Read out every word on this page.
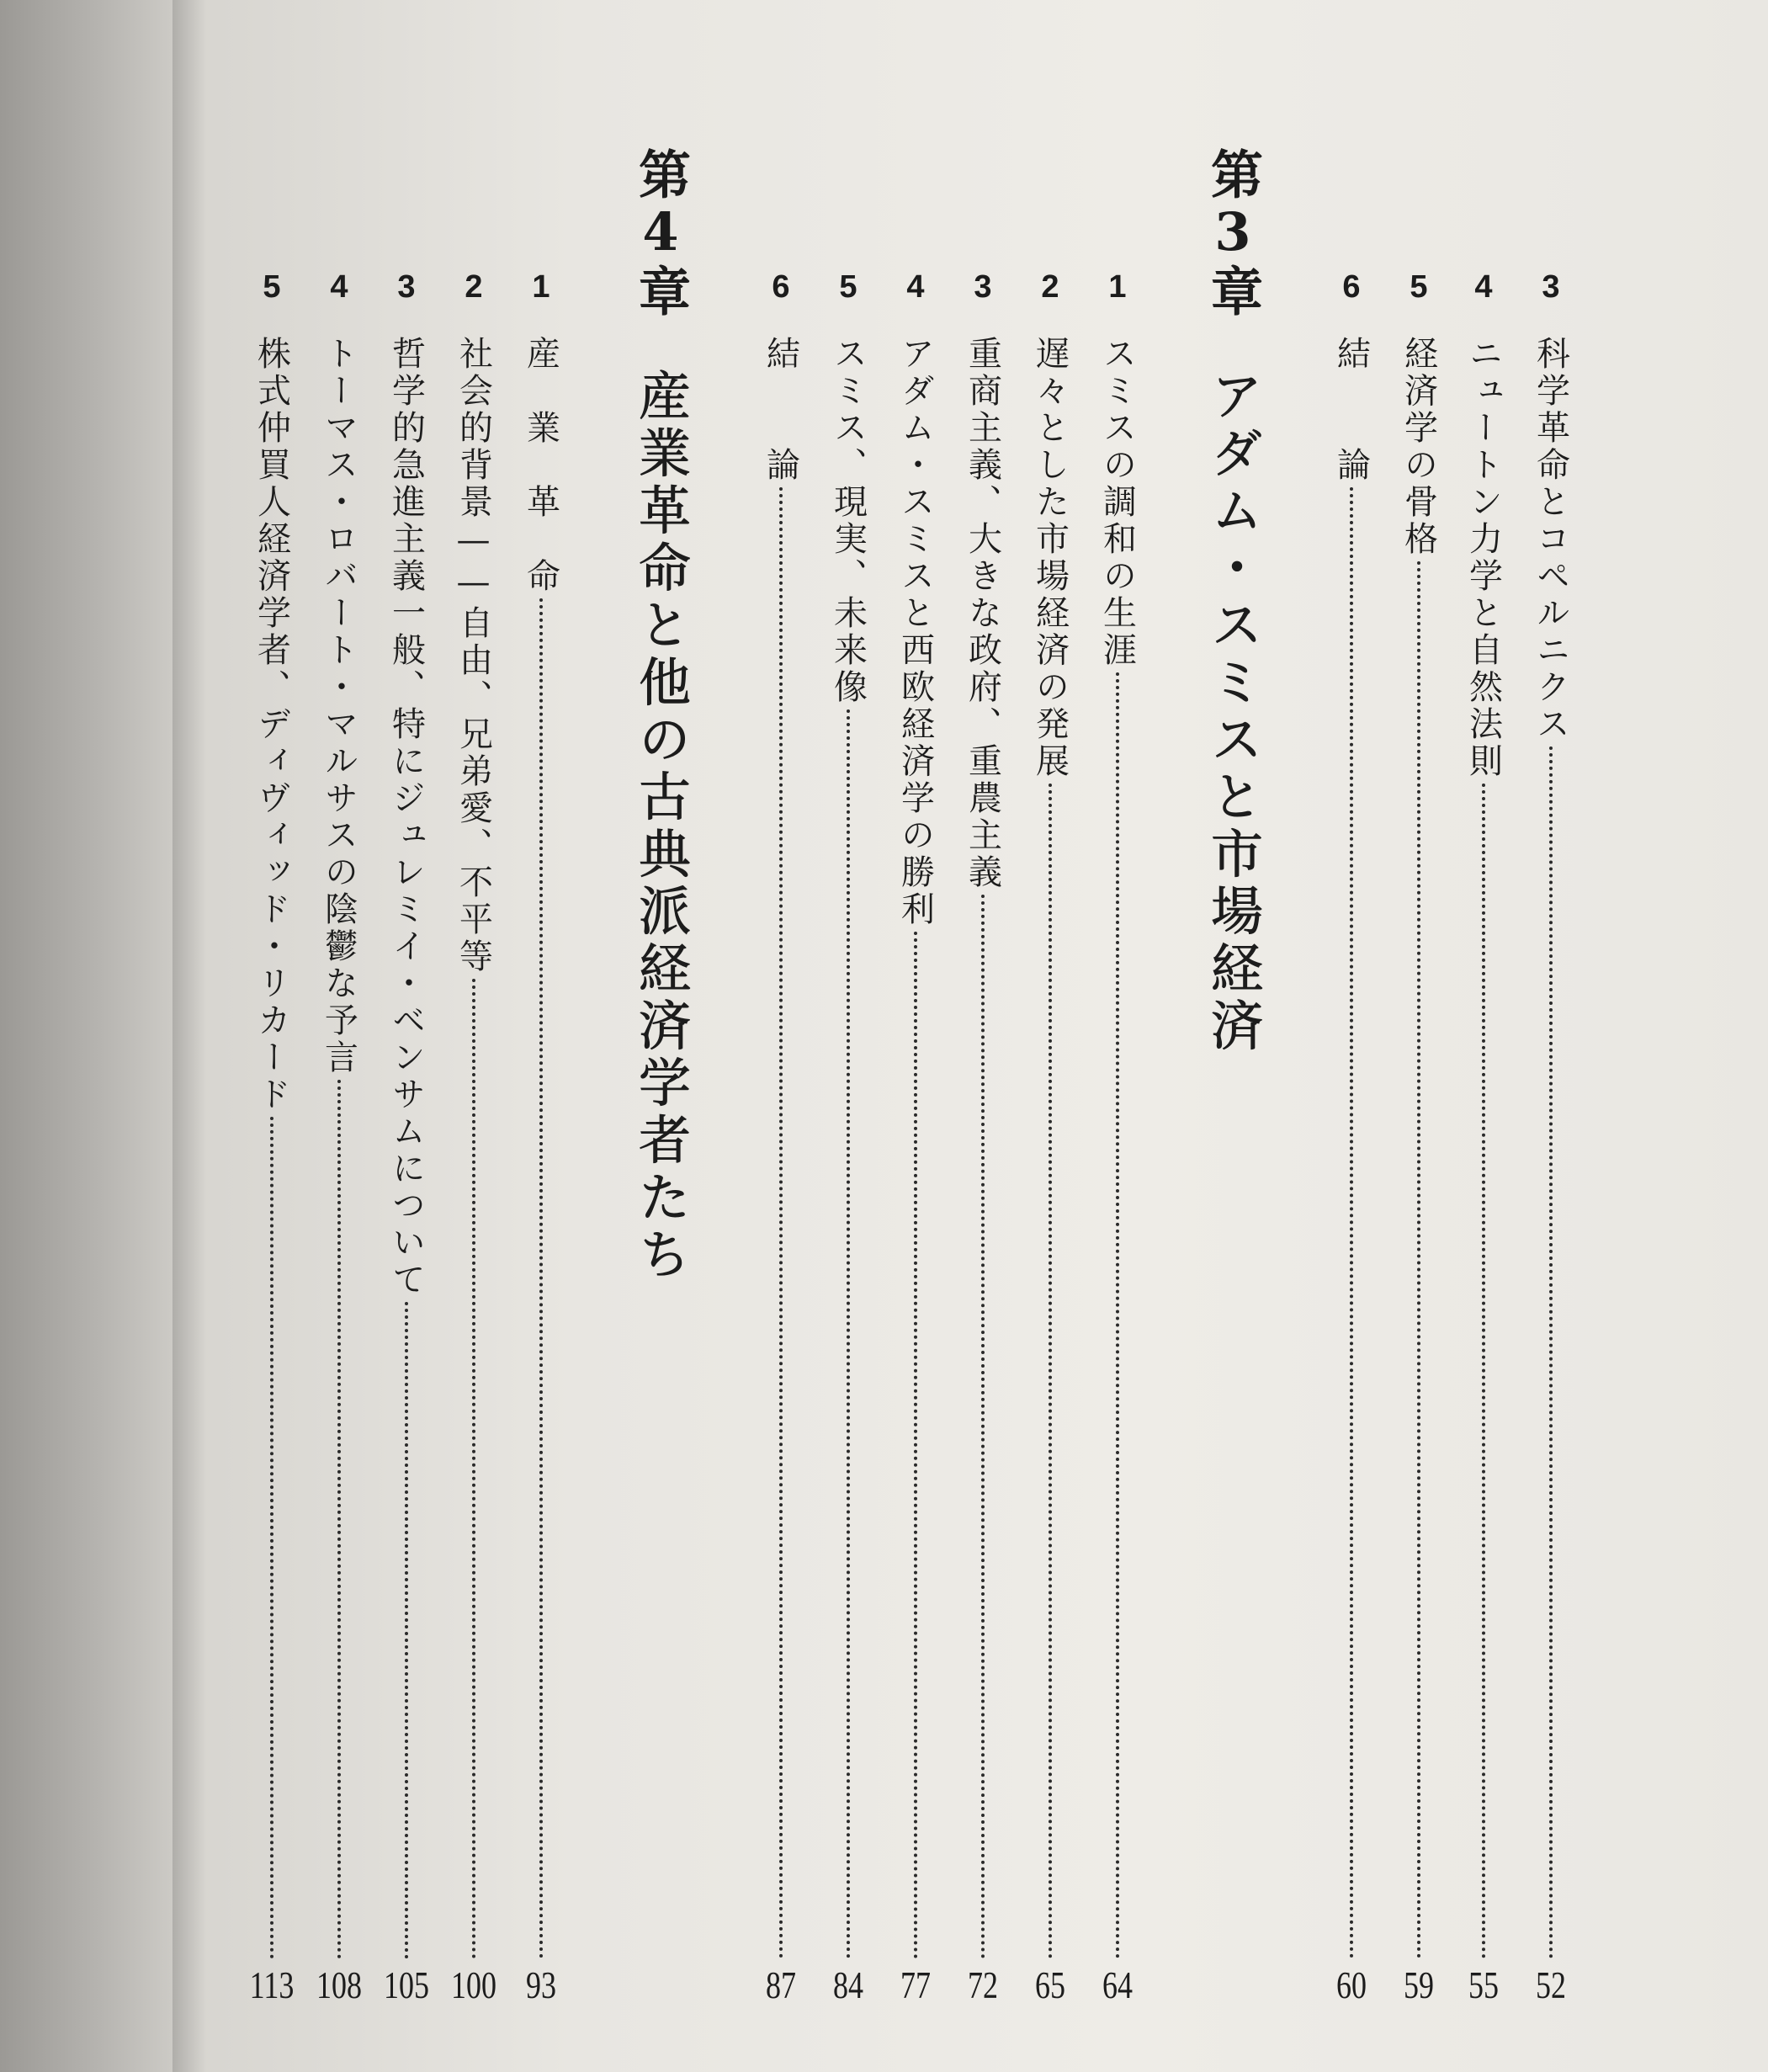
3
科学革命とコペルニクス
52
4
ニュートン力学と自然法則
55
5
経済学の骨格
59
6
結　　論
60
第3章
アダム・スミスと市場経済
1
スミスの調和の生涯
64
2
遅々とした市場経済の発展
65
3
重商主義、大きな政府、重農主義
72
4
アダム・スミスと西欧経済学の勝利
77
5
スミス、現実、未来像
84
6
結　　論
87
第4章
産業革命と他の古典派経済学者たち
1
産　業　革　命
93
2
社会的背景——自由、兄弟愛、不平等
100
3
哲学的急進主義一般、特にジュレミイ・ベンサムについて
105
4
トーマス・ロバート・マルサスの陰鬱な予言
108
5
株式仲買人経済学者、ディヴィッド・リカード
113
